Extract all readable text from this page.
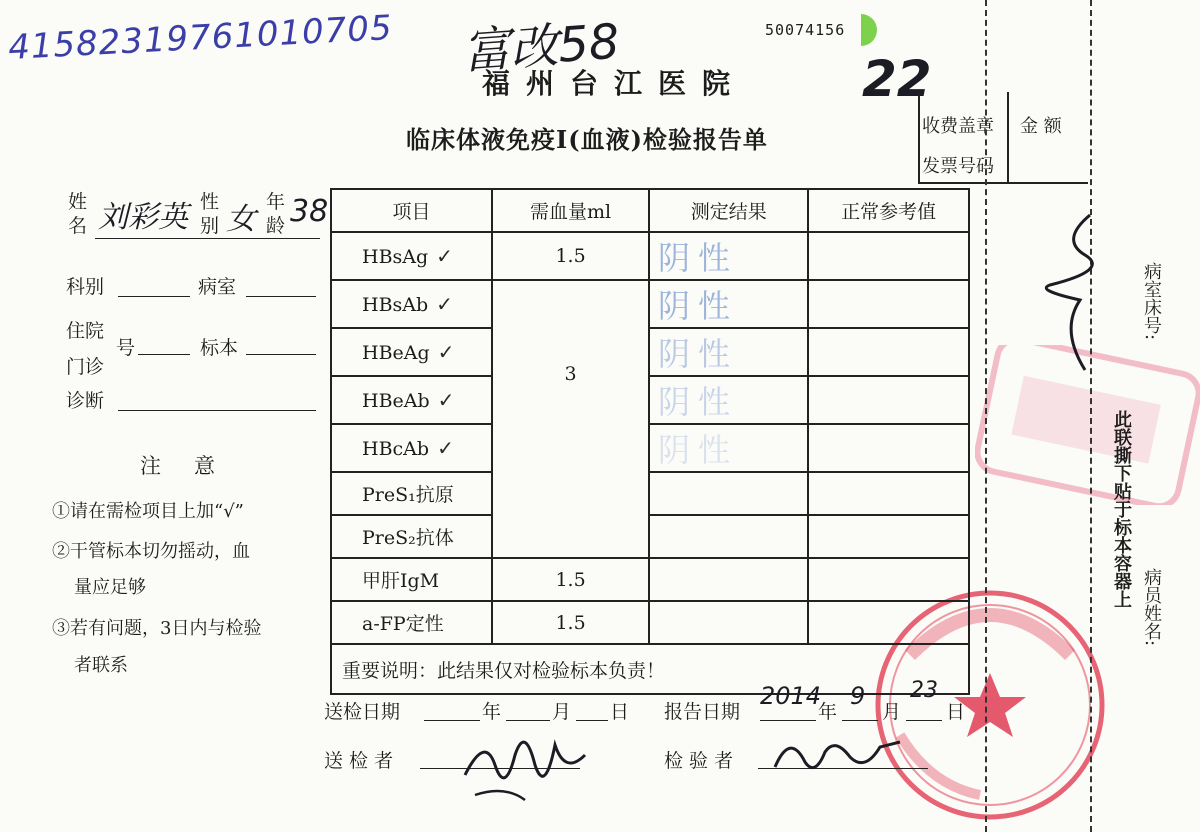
41582319761010705 富改58	22
50074156
福州台江医院
临床体液免疫Ⅰ(血液)检验报告单	收费盖章
发票号码
金 额
姓
名 刘彩英 性
别 女 年
龄 38
科别	病室
住院
门诊
号	标本
诊断
注　意
①请在需检项目上加“√”
②干管标本切勿摇动，血
量应足够
③若有问题，3日内与检验
者联系
项目	需血量ml	测定结果	正常参考值
HBsAg ✓	1.5	阴性	
HBsAb ✓	3	阴性	
HBeAg ✓		阴性	
HBeAb ✓		阴性	
HBcAb ✓		阴性	
PreS₁抗原			
PreS₂抗体			
甲肝IgM	1.5		
a-FP定性	1.5		
重要说明：此结果仅对检验标本负责！			
送检日期	年	月 日 报告日期
2014
年
9
月
23
日
送 检 者	检 验 者
病室床号:
此联撕下贴于标本容器上 病员姓名:
